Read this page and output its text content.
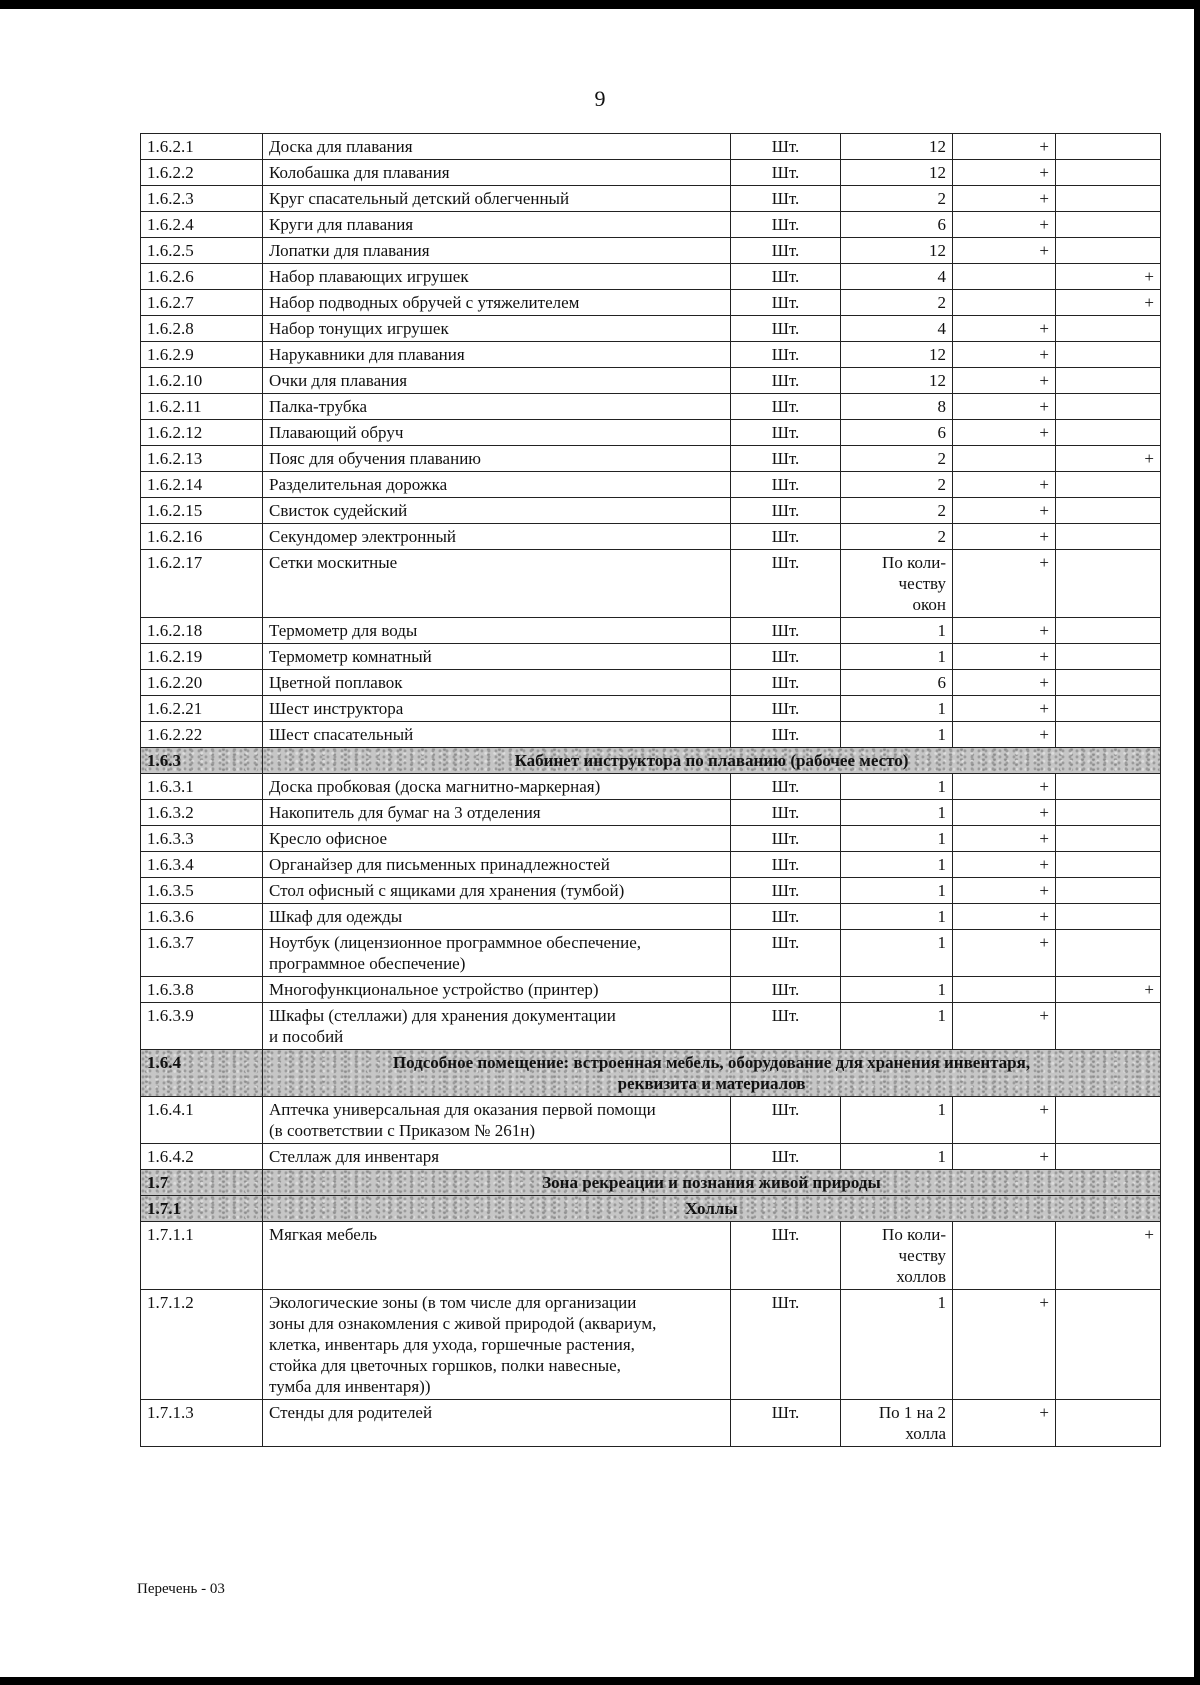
9
1.6.2.1	Доска для плавания	Шт.	12	+	
1.6.2.2	Колобашка для плавания	Шт.	12	+	
1.6.2.3	Круг спасательный детский облегченный	Шт.	2	+	
1.6.2.4	Круги для плавания	Шт.	6	+	
1.6.2.5	Лопатки для плавания	Шт.	12	+	
1.6.2.6	Набор плавающих игрушек	Шт.	4		+
1.6.2.7	Набор подводных обручей с утяжелителем	Шт.	2		+
1.6.2.8	Набор тонущих игрушек	Шт.	4	+	
1.6.2.9	Нарукавники для плавания	Шт.	12	+	
1.6.2.10	Очки для плавания	Шт.	12	+	
1.6.2.11	Палка-трубка	Шт.	8	+	
1.6.2.12	Плавающий обруч	Шт.	6	+	
1.6.2.13	Пояс для обучения плаванию	Шт.	2		+
1.6.2.14	Разделительная дорожка	Шт.	2	+	
1.6.2.15	Свисток судейский	Шт.	2	+	
1.6.2.16	Секундомер электронный	Шт.	2	+	
1.6.2.17	Сетки москитные	Шт.	По коли-
честву
окон	+	
1.6.2.18	Термометр для воды	Шт.	1	+	
1.6.2.19	Термометр комнатный	Шт.	1	+	
1.6.2.20	Цветной поплавок	Шт.	6	+	
1.6.2.21	Шест инструктора	Шт.	1	+	
1.6.2.22	Шест спасательный	Шт.	1	+	
1.6.3	Кабинет инструктора по плаванию (рабочее место)				
1.6.3.1	Доска пробковая (доска магнитно-маркерная)	Шт.	1	+	
1.6.3.2	Накопитель для бумаг на 3 отделения	Шт.	1	+	
1.6.3.3	Кресло офисное	Шт.	1	+	
1.6.3.4	Органайзер для письменных принадлежностей	Шт.	1	+	
1.6.3.5	Стол офисный с ящиками для хранения (тумбой)	Шт.	1	+	
1.6.3.6	Шкаф для одежды	Шт.	1	+	
1.6.3.7	Ноутбук (лицензионное программное обеспечение,
программное обеспечение)	Шт.	1	+	
1.6.3.8	Многофункциональное устройство (принтер)	Шт.	1		+
1.6.3.9	Шкафы (стеллажи) для хранения документации
и пособий	Шт.	1	+	
1.6.4	Подсобное помещение: встроенная мебель, оборудование для хранения инвентаря,
реквизита и материалов				
1.6.4.1	Аптечка универсальная для оказания первой помощи
(в соответствии с Приказом № 261н)	Шт.	1	+	
1.6.4.2	Стеллаж для инвентаря	Шт.	1	+	
1.7	Зона рекреации и познания живой природы				
1.7.1	Холлы				
1.7.1.1	Мягкая мебель	Шт.	По коли-
честву
холлов		+
1.7.1.2	Экологические зоны (в том числе для организации
зоны для ознакомления с живой природой (аквариум,
клетка, инвентарь для ухода, горшечные растения,
стойка для цветочных горшков, полки навесные,
тумба для инвентаря))	Шт.	1	+	
1.7.1.3	Стенды для родителей	Шт.	По 1 на 2
холла	+	
Перечень - 03
